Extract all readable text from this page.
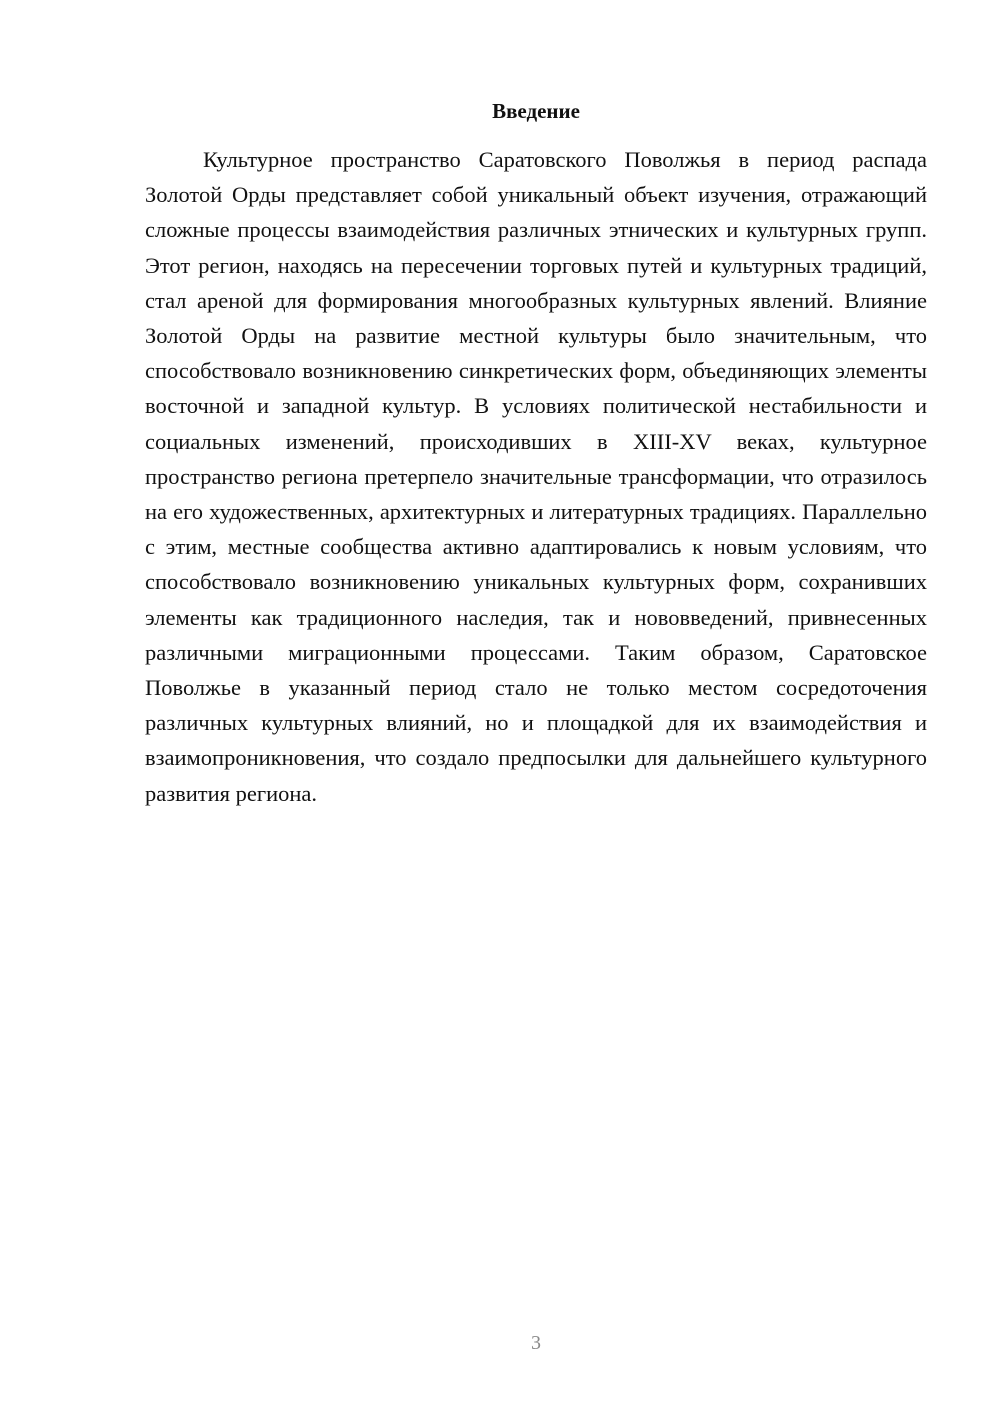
Введение

Культурное пространство Саратовского Поволжья в период распада Золотой Орды представляет собой уникальный объект изучения, отражающий сложные процессы взаимодействия различных этнических и культурных групп. Этот регион, находясь на пересечении торговых путей и культурных традиций, стал ареной для формирования многообразных культурных явлений. Влияние Золотой Орды на развитие местной культуры было значительным, что способствовало возникновению синкретических форм, объединяющих элементы восточной и западной культур. В условиях политической нестабильности и социальных изменений, происходивших в XIII-XV веках, культурное пространство региона претерпело значительные трансформации, что отразилось на его художественных, архитектурных и литературных традициях. Параллельно с этим, местные сообщества активно адаптировались к новым условиям, что способствовало возникновению уникальных культурных форм, сохранивших элементы как традиционного наследия, так и нововведений, привнесенных различными миграционными процессами. Таким образом, Саратовское Поволжье в указанный период стало не только местом сосредоточения различных культурных влияний, но и площадкой для их взаимодействия и взаимопроникновения, что создало предпосылки для дальнейшего культурного развития региона.

3
